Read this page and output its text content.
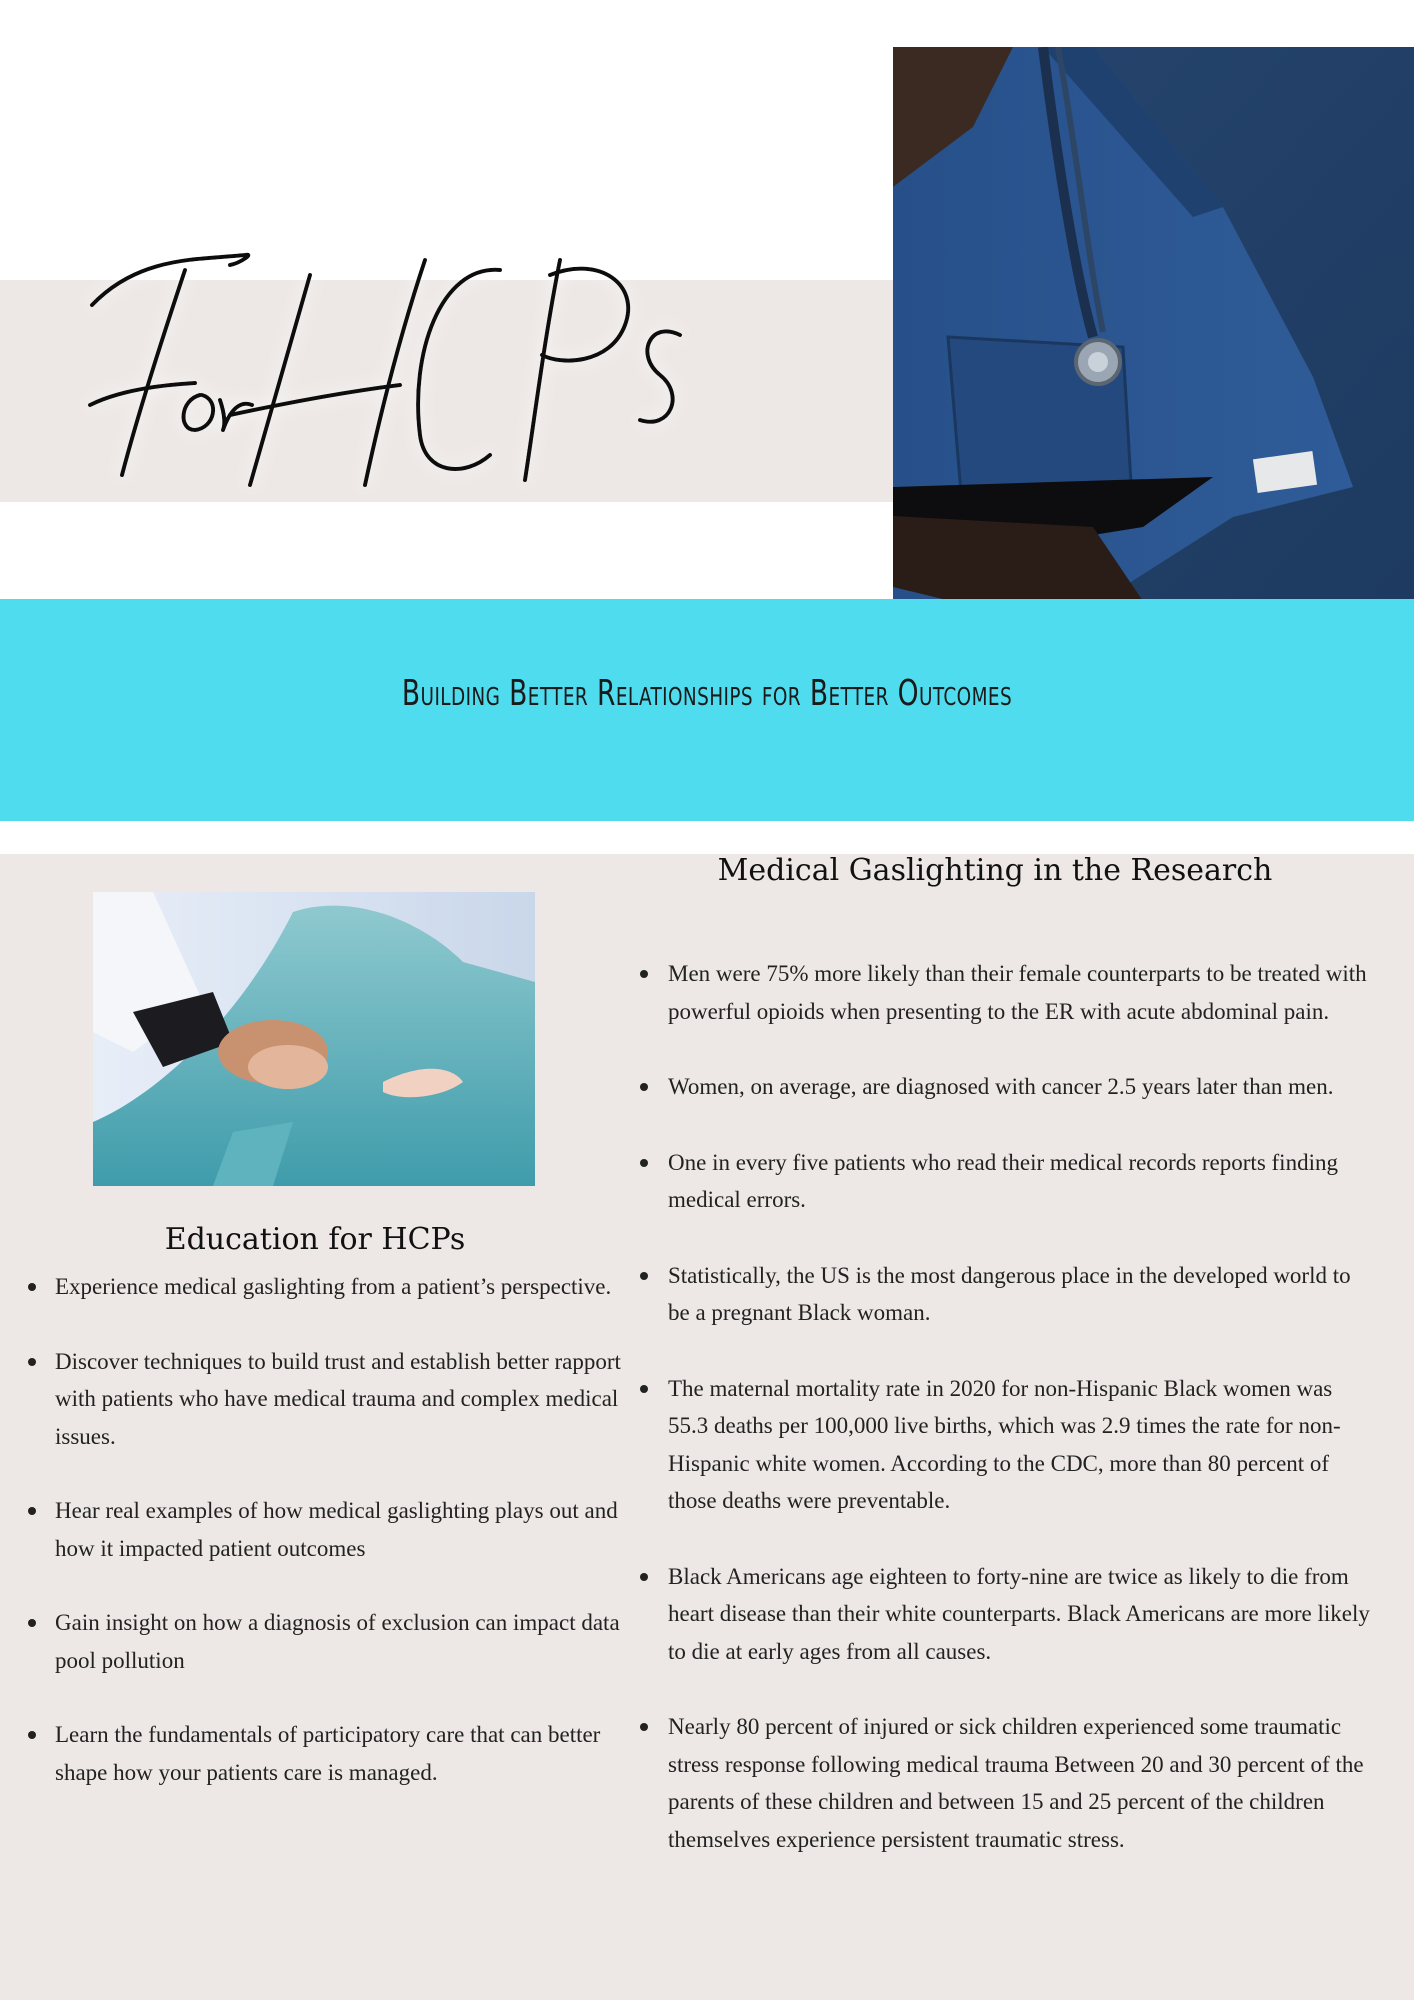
Building Better Relationships for Better Outcomes
Education for HCPs
Experience medical gaslighting from a patient’s perspective.
Discover techniques to build trust and establish better rapport with patients who have medical trauma and complex medical issues.
Hear real examples of how medical gaslighting plays out and how it impacted patient outcomes
Gain insight on how a diagnosis of exclusion can impact data pool pollution
Learn the fundamentals of participatory care that can better shape how your patients care is managed.
Medical Gaslighting in the Research
Men were 75% more likely than their female counterparts to be treated with powerful opioids when presenting to the ER with acute abdominal pain.
Women, on average, are diagnosed with cancer 2.5 years later than men.
One in every five patients who read their medical records reports finding medical errors.
Statistically, the US is the most dangerous place in the developed world to be a pregnant Black woman.
The maternal mortality rate in 2020 for non-Hispanic Black women was 55.3 deaths per 100,000 live births, which was 2.9 times the rate for non-Hispanic white women. According to the CDC, more than 80 percent of those deaths were preventable.
Black Americans age eighteen to forty-nine are twice as likely to die from heart disease than their white counterparts. Black Americans are more likely to die at early ages from all causes.
Nearly 80 percent of injured or sick children experienced some traumatic stress response following medical trauma Between 20 and 30 percent of the parents of these children and between 15 and 25 percent of the children themselves experience persistent traumatic stress.
